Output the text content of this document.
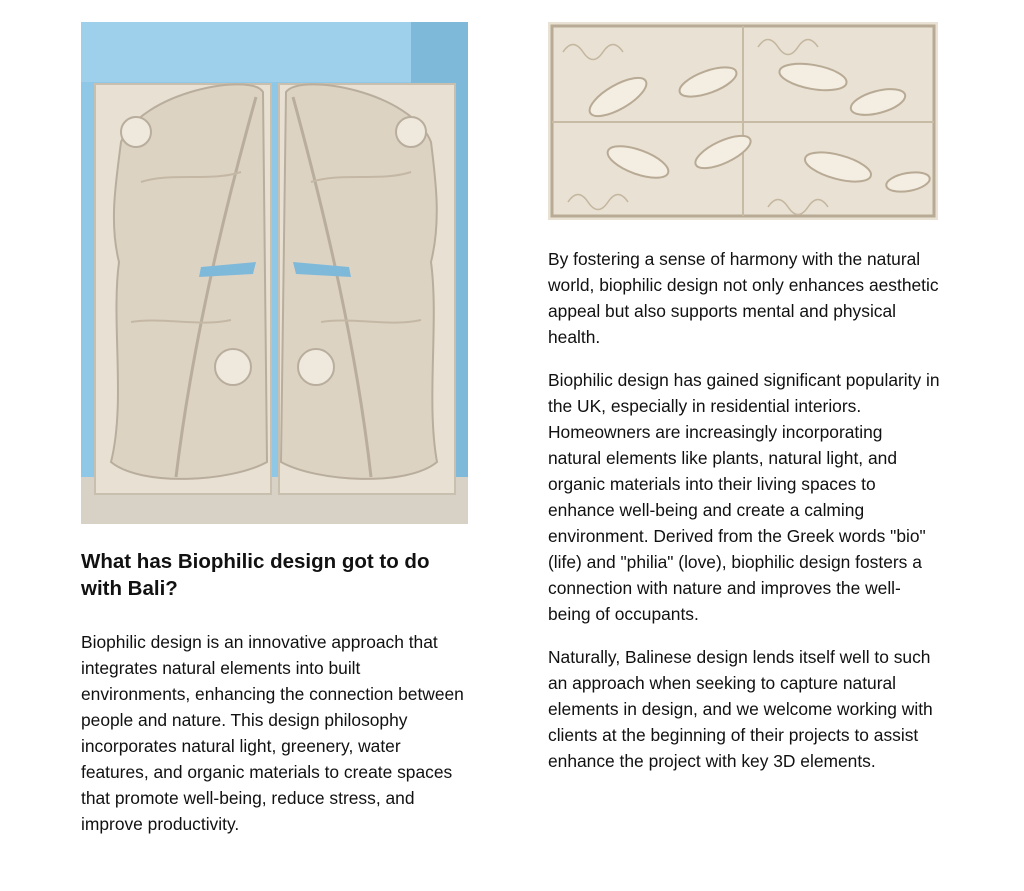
What has Biophilic design got to do with Bali?

Biophilic design is an innovative approach that integrates natural elements into built environments, enhancing the connection between people and nature. This design philosophy incorporates natural light, greenery, water features, and organic materials to create spaces that promote well-being, reduce stress, and improve productivity.

By fostering a sense of harmony with the natural world, biophilic design not only enhances aesthetic appeal but also supports mental and physical health.

Biophilic design has gained significant popularity in the UK, especially in residential interiors. Homeowners are increasingly incorporating natural elements like plants, natural light, and organic materials into their living spaces to enhance well-being and create a calming environment. Derived from the Greek words "bio" (life) and "philia" (love), biophilic design fosters a connection with nature and improves the well-being of occupants.

Naturally, Balinese design lends itself well to such an approach when seeking to capture natural elements in design, and we welcome working with clients at the beginning of their projects to assist enhance the project with key 3D elements.
